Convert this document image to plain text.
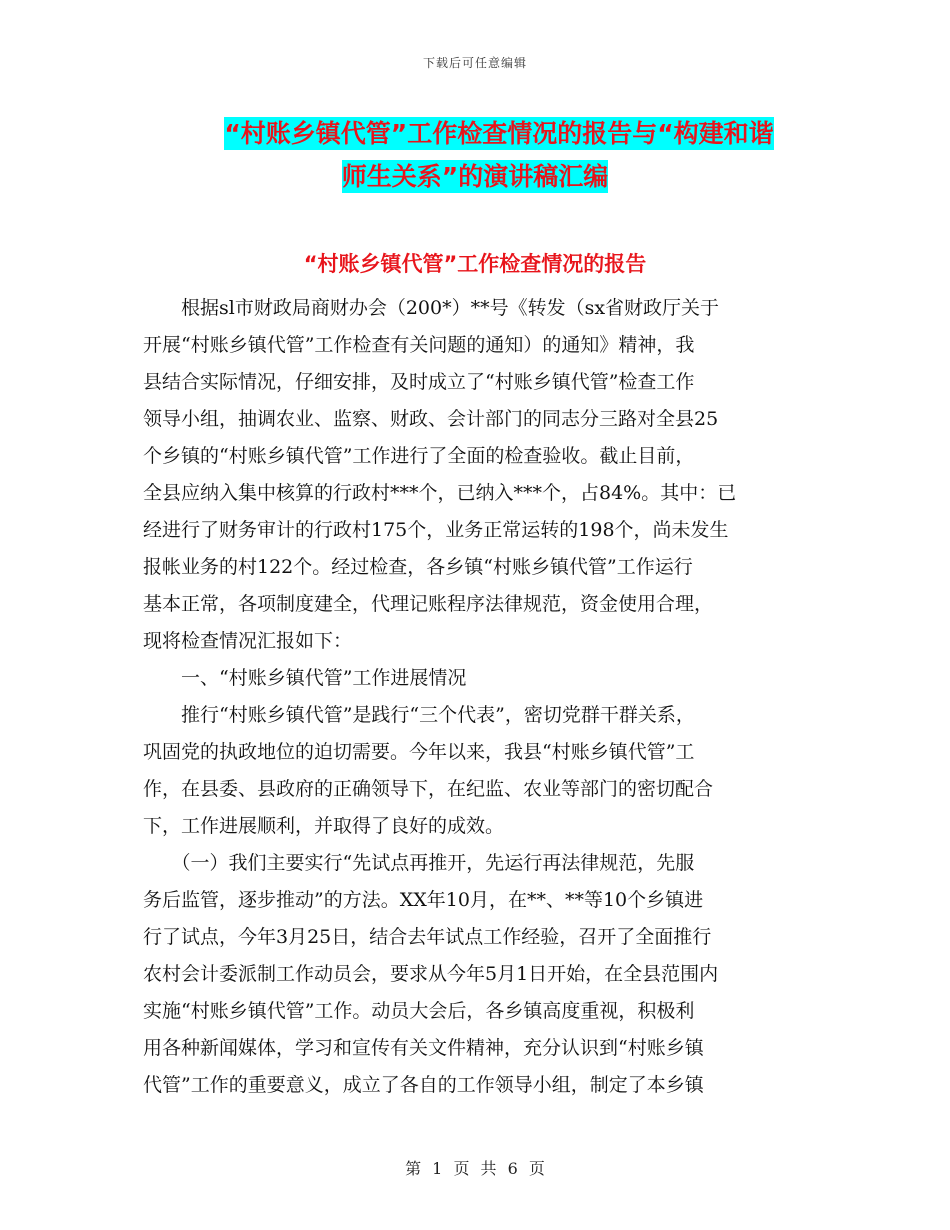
下载后可任意编辑
“村账乡镇代管”工作检查情况的报告与“构建和谐
师生关系”的演讲稿汇编
“村账乡镇代管”工作检查情况的报告
　　根据sl市财政局商财办会（200*）**号《转发（sx省财政厅关于
开展“村账乡镇代管”工作检查有关问题的通知）的通知》精神，我
县结合实际情况，仔细安排，及时成立了“村账乡镇代管”检查工作
领导小组，抽调农业、监察、财政、会计部门的同志分三路对全县25
个乡镇的“村账乡镇代管”工作进行了全面的检查验收。截止目前，
全县应纳入集中核算的行政村***个，已纳入***个，占84%。其中：已
经进行了财务审计的行政村175个，业务正常运转的198个，尚未发生
报帐业务的村122个。经过检查，各乡镇“村账乡镇代管”工作运行
基本正常，各项制度建全，代理记账程序法律规范，资金使用合理，
现将检查情况汇报如下：
　　一、“村账乡镇代管”工作进展情况
　　推行“村账乡镇代管”是践行“三个代表”，密切党群干群关系，
巩固党的执政地位的迫切需要。今年以来，我县“村账乡镇代管”工
作，在县委、县政府的正确领导下，在纪监、农业等部门的密切配合
下，工作进展顺利，并取得了良好的成效。
　　（一）我们主要实行“先试点再推开，先运行再法律规范，先服
务后监管，逐步推动”的方法。XX年10月，在**、**等10个乡镇进
行了试点，今年3月25日，结合去年试点工作经验，召开了全面推行
农村会计委派制工作动员会，要求从今年5月1日开始，在全县范围内
实施“村账乡镇代管”工作。动员大会后，各乡镇高度重视，积极利
用各种新闻媒体，学习和宣传有关文件精神，充分认识到“村账乡镇
代管”工作的重要意义，成立了各自的工作领导小组，制定了本乡镇
第 1 页 共 6 页
